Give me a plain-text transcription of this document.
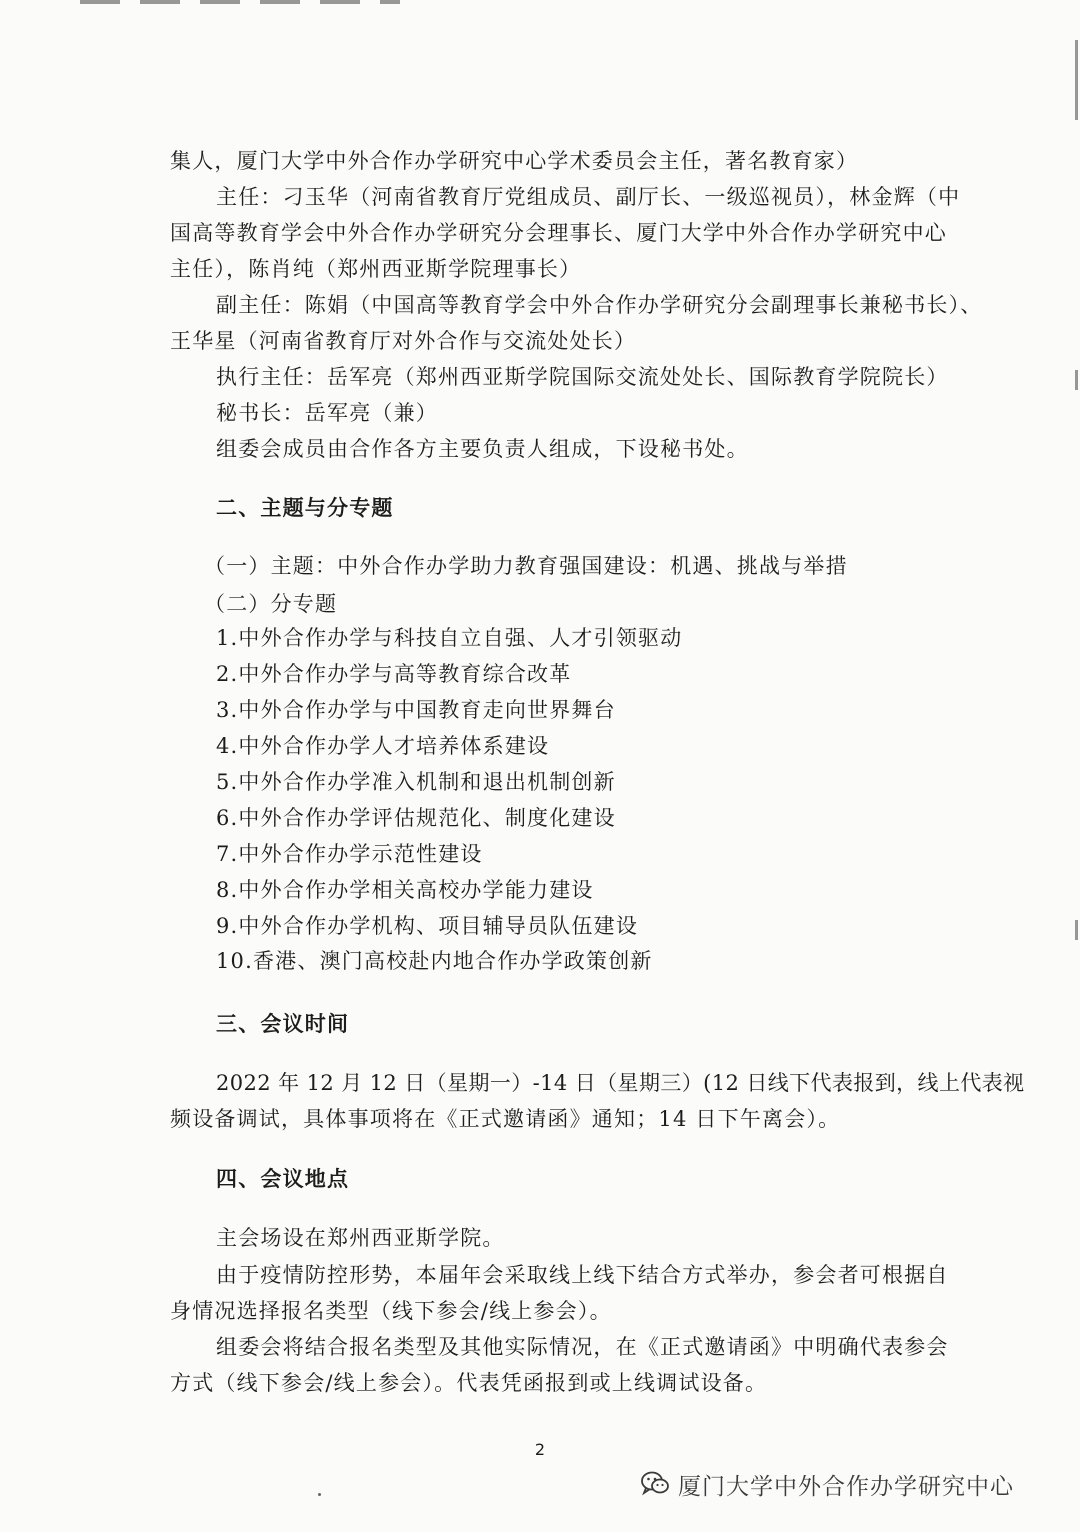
集人，厦门大学中外合作办学研究中心学术委员会主任，著名教育家）
主任：刁玉华（河南省教育厅党组成员、副厅长、一级巡视员），林金辉（中
国高等教育学会中外合作办学研究分会理事长、厦门大学中外合作办学研究中心
主任），陈肖纯（郑州西亚斯学院理事长）
副主任：陈娟（中国高等教育学会中外合作办学研究分会副理事长兼秘书长）、
王华星（河南省教育厅对外合作与交流处处长）
执行主任：岳军亮（郑州西亚斯学院国际交流处处长、国际教育学院院长）
秘书长：岳军亮（兼）
组委会成员由合作各方主要负责人组成，下设秘书处。
二、主题与分专题
（一）主题：中外合作办学助力教育强国建设：机遇、挑战与举措
（二）分专题
1.中外合作办学与科技自立自强、人才引领驱动
2.中外合作办学与高等教育综合改革
3.中外合作办学与中国教育走向世界舞台
4.中外合作办学人才培养体系建设
5.中外合作办学准入机制和退出机制创新
6.中外合作办学评估规范化、制度化建设
7.中外合作办学示范性建设
8.中外合作办学相关高校办学能力建设
9.中外合作办学机构、项目辅导员队伍建设
10.香港、澳门高校赴内地合作办学政策创新
三、会议时间
2022 年 12 月 12 日（星期一）-14 日（星期三）(12 日线下代表报到，线上代表视
频设备调试，具体事项将在《正式邀请函》通知；14 日下午离会）。
四、会议地点
主会场设在郑州西亚斯学院。
由于疫情防控形势，本届年会采取线上线下结合方式举办，参会者可根据自
身情况选择报名类型（线下参会/线上参会）。
组委会将结合报名类型及其他实际情况，在《正式邀请函》中明确代表参会
方式（线下参会/线上参会）。代表凭函报到或上线调试设备。
2
厦门大学中外合作办学研究中心
